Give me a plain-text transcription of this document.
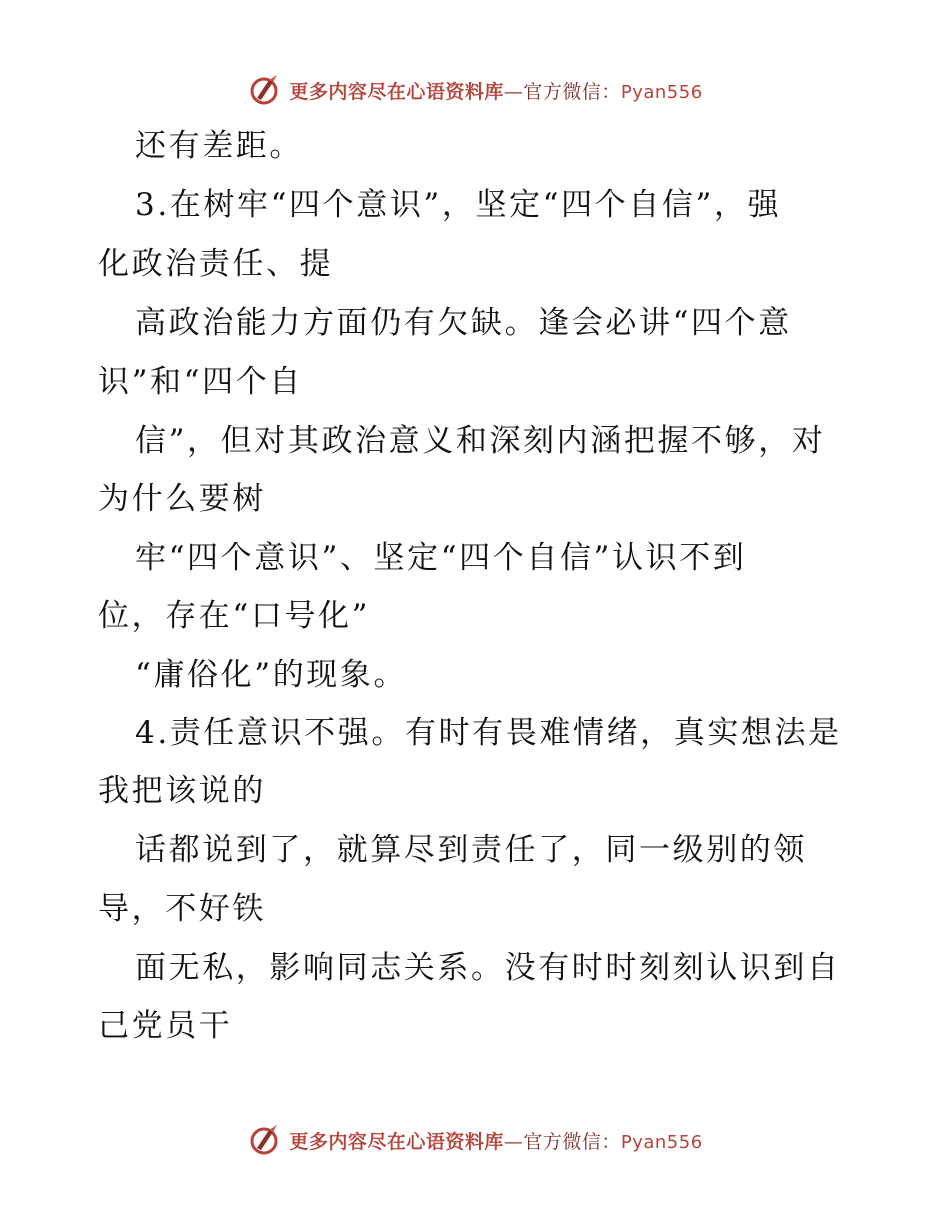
更多内容尽在心语资料库—官方微信：Pyan556
还有差距。
3.在树牢“四个意识”，坚定“四个自信”，强
化政治责任、提
高政治能力方面仍有欠缺。逢会必讲“四个意
识”和“四个自
信”，但对其政治意义和深刻内涵把握不够，对
为什么要树
牢“四个意识”、坚定“四个自信”认识不到
位，存在“口号化”
“庸俗化”的现象。
4.责任意识不强。有时有畏难情绪，真实想法是
我把该说的
话都说到了，就算尽到责任了，同一级别的领
导，不好铁
面无私，影响同志关系。没有时时刻刻认识到自
己党员干
更多内容尽在心语资料库—官方微信：Pyan556
